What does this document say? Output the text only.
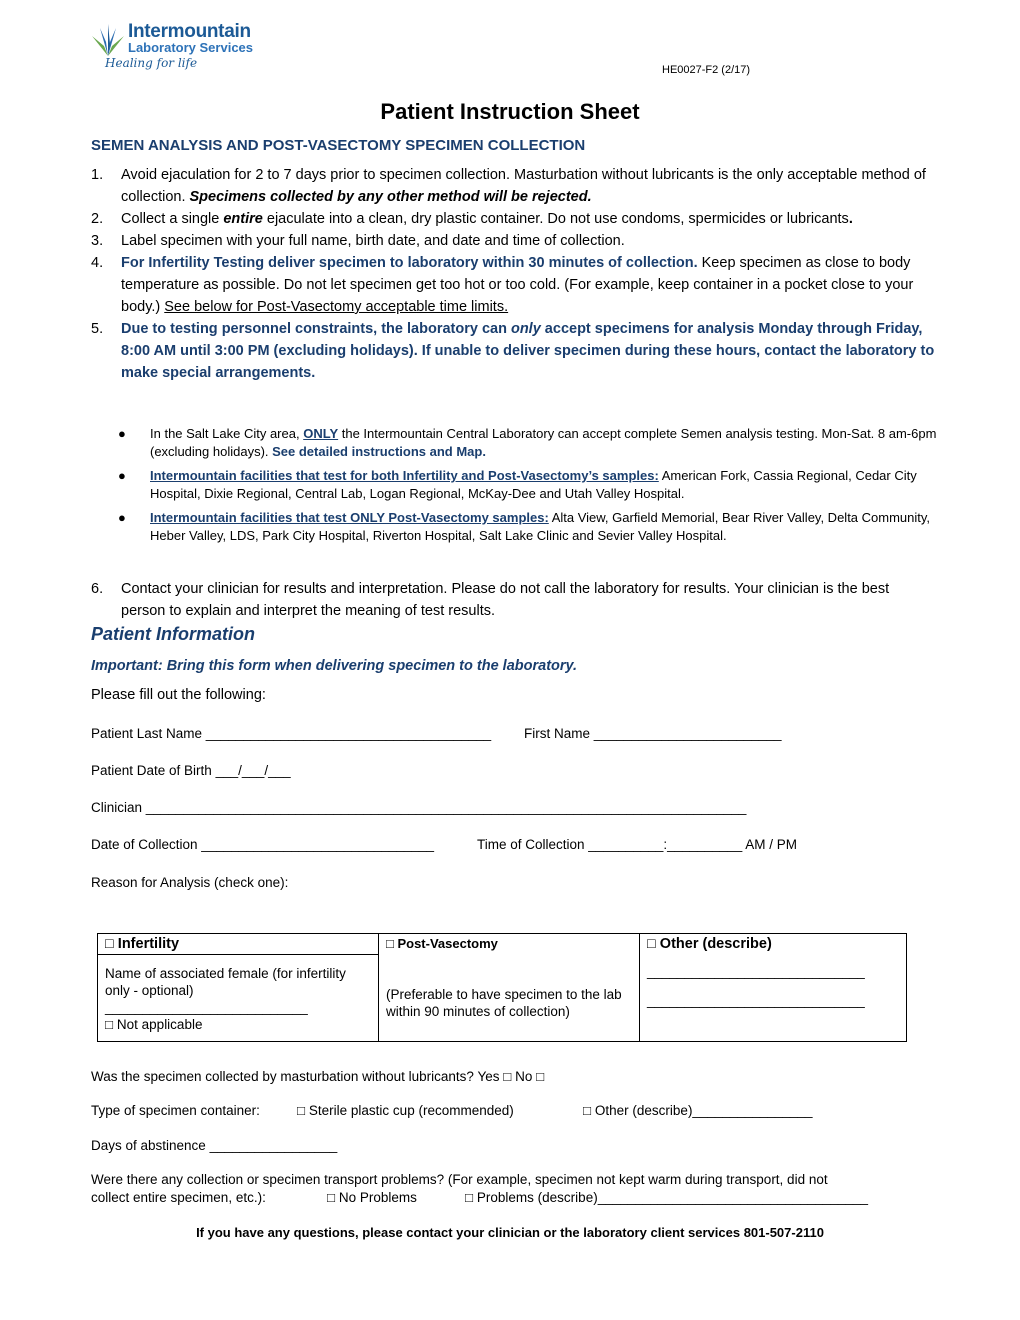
Intermountain
Laboratory Services
Healing for life	HE0027-F2 (2/17)
Patient Instruction Sheet
SEMEN ANALYSIS AND POST-VASECTOMY SPECIMEN COLLECTION
1. Avoid ejaculation for 2 to 7 days prior to specimen collection. Masturbation without lubricants is the only acceptable method of collection. Specimens collected by any other method will be rejected.
2. Collect a single entire ejaculate into a clean, dry plastic container. Do not use condoms, spermicides or lubricants.
3. Label specimen with your full name, birth date, and date and time of collection.
4. For Infertility Testing deliver specimen to laboratory within 30 minutes of collection. Keep specimen as close to body temperature as possible. Do not let specimen get too hot or too cold. (For example, keep container in a pocket close to your body.) See below for Post-Vasectomy acceptable time limits.
5. Due to testing personnel constraints, the laboratory can only accept specimens for analysis Monday through Friday, 8:00 AM until 3:00 PM (excluding holidays). If unable to deliver specimen during these hours, contact the laboratory to make special arrangements.
● In the Salt Lake City area, ONLY the Intermountain Central Laboratory can accept complete Semen analysis testing. Mon-Sat. 8 am-6pm (excluding holidays). See detailed instructions and Map.
● Intermountain facilities that test for both Infertility and Post-Vasectomy’s samples: American Fork, Cassia Regional, Cedar City Hospital, Dixie Regional, Central Lab, Logan Regional, McKay-Dee and Utah Valley Hospital.
● Intermountain facilities that test ONLY Post-Vasectomy samples: Alta View, Garfield Memorial, Bear River Valley, Delta Community, Heber Valley, LDS, Park City Hospital, Riverton Hospital, Salt Lake Clinic and Sevier Valley Hospital.
6. Contact your clinician for results and interpretation. Please do not call the laboratory for results. Your clinician is the best person to explain and interpret the meaning of test results.
Patient Information
Important: Bring this form when delivering specimen to the laboratory.
Please fill out the following:
Patient Last Name ______________________________________ First Name _________________________
Patient Date of Birth ___/___/___
Clinician ________________________________________________________________________________
Date of Collection _______________________________	Time of Collection __________:__________ AM / PM
Reason for Analysis (check one):
□ Infertility
Name of associated female (for infertility only - optional)
___________________________
□ Not applicable

□ Post-Vasectomy
(Preferable to have specimen to the lab within 90 minutes of collection)

□ Other (describe)
_____________________________
_____________________________
Was the specimen collected by masturbation without lubricants? Yes □ No □
Type of specimen container:	□ Sterile plastic cup (recommended)	□ Other (describe)________________
Days of abstinence _________________
Were there any collection or specimen transport problems? (For example, specimen not kept warm during transport, did not
collect entire specimen, etc.):	□ No Problems	□ Problems (describe)____________________________________
If you have any questions, please contact your clinician or the laboratory client services 801-507-2110
